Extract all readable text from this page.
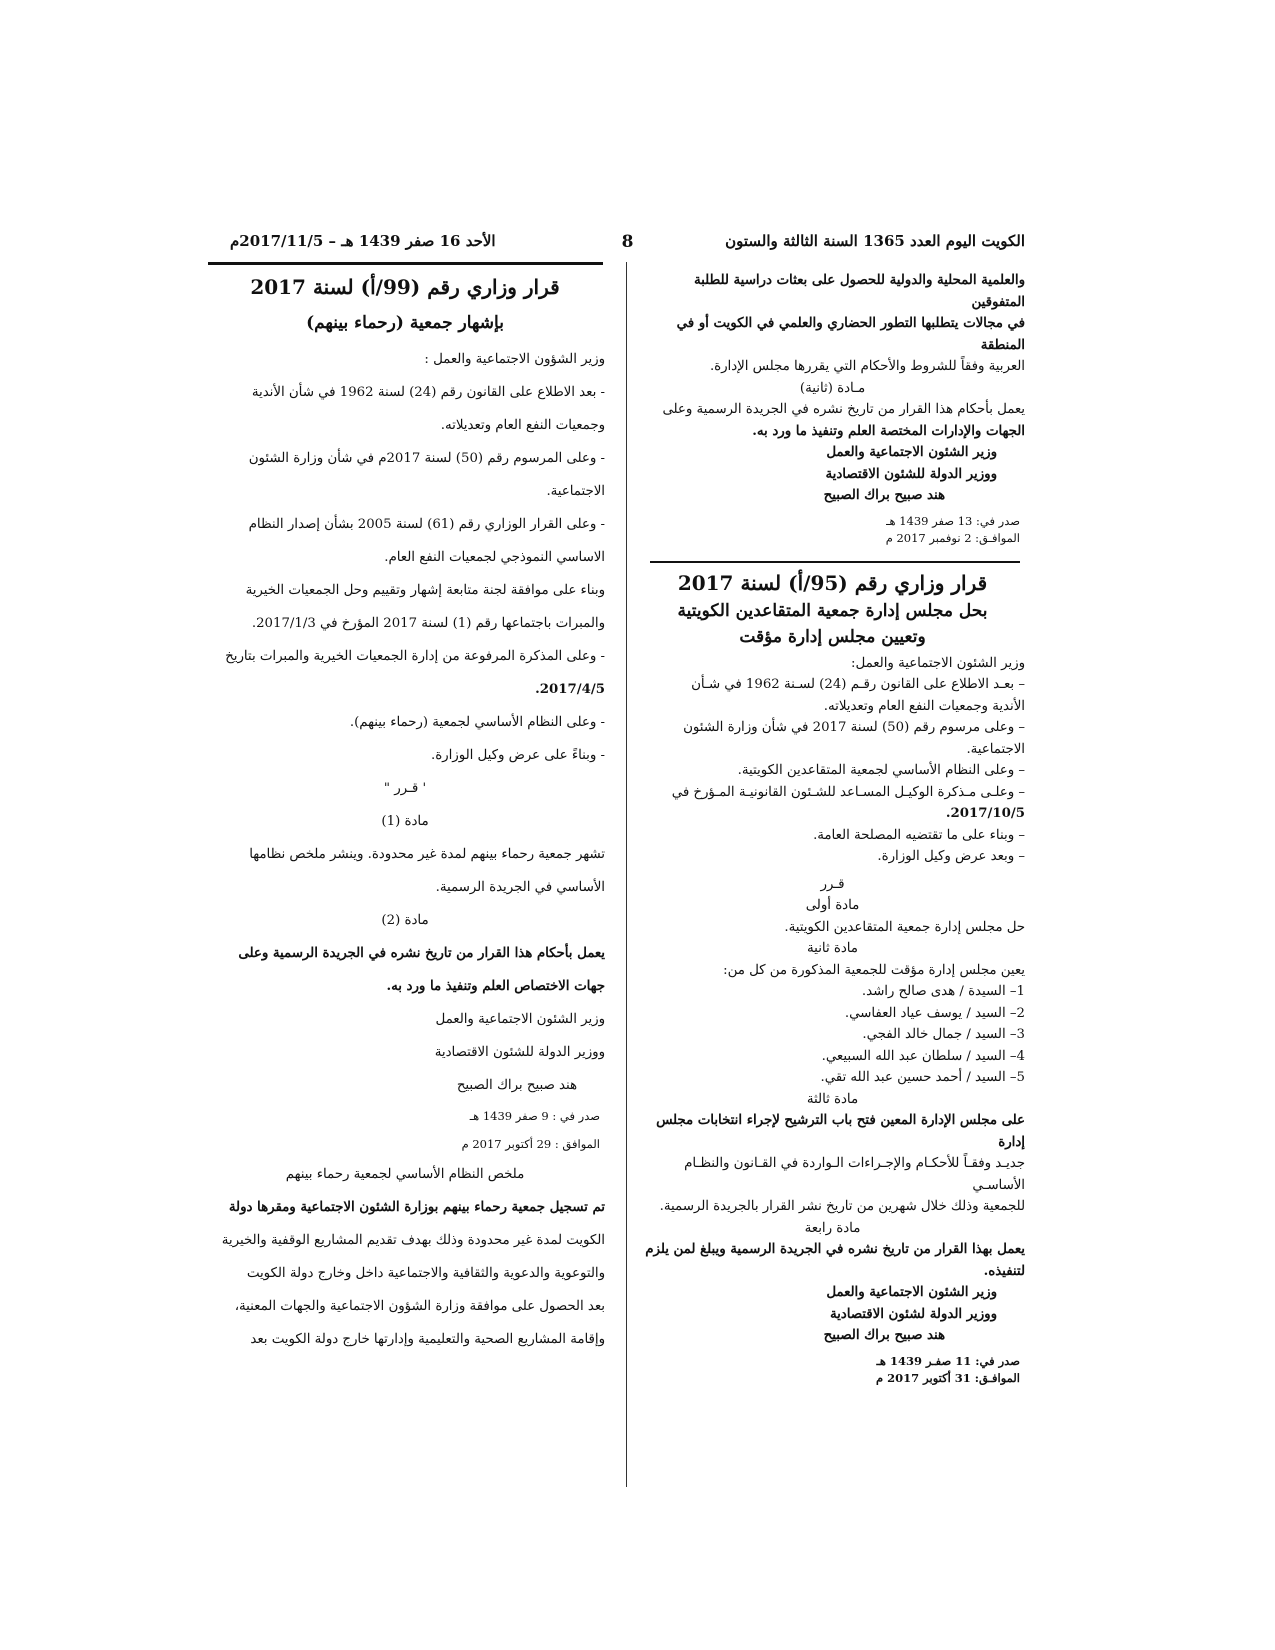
الكويت اليوم العدد 1365 السنة الثالثة والستون
8
الأحد 16 صفر 1439 هـ – 2017/11/5م

والعلمية المحلية والدولية للحصول على بعثات دراسية للطلبة المتفوقين

في مجالات يتطلبها التطور الحضاري والعلمي في الكويت أو في المنطقة

العربية وفقاً للشروط والأحكام التي يقررها مجلس الإدارة.

مـادة (ثانية)

يعمل بأحكام هذا القرار من تاريخ نشره في الجريدة الرسمية وعلى

الجهات والإدارات المختصة العلم وتنفيذ ما ورد به.

وزير الشئون الاجتماعية والعمل

ووزير الدولة للشئون الاقتصادية

هند صبيح براك الصبيح

صدر في: 13 صفر 1439 هـ

الموافـق: 2 نوفمبر 2017 م

قرار وزاري رقم (95/أ) لسنة 2017

بحل مجلس إدارة جمعية المتقاعدين الكويتية

وتعيين مجلس إدارة مؤقت

وزير الشئون الاجتماعية والعمل:

– بعـد الاطلاع على القانون رقـم (24) لسـنة 1962 في شـأن

الأندية وجمعيات النفع العام وتعديلاته.

– وعلى مرسوم رقم (50) لسنة 2017 في شأن وزارة الشئون الاجتماعية.

– وعلى النظام الأساسي لجمعية المتقاعدين الكويتية.

– وعلـى مـذكرة الوكيـل المسـاعد للشـئون القانونيـة المـؤرخ في

2017/10/5.

– وبناء على ما تقتضيه المصلحة العامة.

– وبعد عرض وكيل الوزارة.

قـرر

مادة أولى

حل مجلس إدارة جمعية المتقاعدين الكويتية.

مادة ثانية

يعين مجلس إدارة مؤقت للجمعية المذكورة من كل من:

1– السيدة / هدى صالح راشد.

2– السيد / يوسف عياد العفاسي.

3– السيد / جمال خالد الفجي.

4– السيد / سلطان عبد الله السبيعي.

5– السيد / أحمد حسين عبد الله تقي.

مادة ثالثة

على مجلس الإدارة المعين فتح باب الترشيح لإجراء انتخابات مجلس إدارة

جديـد وفقـاً للأحكـام والإجـراءات الـواردة في القـانون والنظـام الأساسـي

للجمعية وذلك خلال شهرين من تاريخ نشر القرار بالجريدة الرسمية.

مادة رابعة

يعمل بهذا القرار من تاريخ نشره في الجريدة الرسمية ويبلغ لمن يلزم لتنفيذه.

وزير الشئون الاجتماعية والعمل

ووزير الدولة لشئون الاقتصادية

هند صبيح براك الصبيح

صدر في: 11 صفـر 1439 هـ

الموافـق: 31 أكتوبر 2017 م

قرار وزاري رقم (99/أ) لسنة 2017

بإشهار جمعية (رحماء بينهم)

وزير الشؤون الاجتماعية والعمل :

- بعد الاطلاع على القانون رقم (24) لسنة 1962 في شأن الأندية

وجمعيات النفع العام وتعديلاته.

- وعلى المرسوم رقم (50) لسنة 2017م في شأن وزارة الشئون

الاجتماعية.

- وعلى القرار الوزاري رقم (61) لسنة 2005 بشأن إصدار النظام

الاساسي النموذجي لجمعيات النفع العام.

وبناء على موافقة لجنة متابعة إشهار وتقييم وحل الجمعيات الخيرية

والمبرات باجتماعها رقم (1) لسنة 2017 المؤرخ في 2017/1/3.

- وعلى المذكرة المرفوعة من إدارة الجمعيات الخيرية والمبرات بتاريخ

2017/4/5.

- وعلى النظام الأساسي لجمعية (رحماء بينهم).

- وبناءً على عرض وكيل الوزارة.

' قـرر "

مادة (1)

تشهر جمعية رحماء بينهم لمدة غير محدودة. وينشر ملخص نظامها

الأساسي في الجريدة الرسمية.

مادة (2)

يعمل بأحكام هذا القرار من تاريخ نشره في الجريدة الرسمية وعلى

جهات الاختصاص العلم وتنفيذ ما ورد به.

وزير الشئون الاجتماعية والعمل

ووزير الدولة للشئون الاقتصادية

هند صبيح براك الصبيح

صدر في : 9 صفر 1439 هـ

الموافق : 29 أكتوبر 2017 م

ملخص النظام الأساسي لجمعية رحماء بينهم

تم تسجيل جمعية رحماء بينهم بوزارة الشئون الاجتماعية ومقرها دولة

الكويت لمدة غير محدودة وذلك بهدف تقديم المشاريع الوقفية والخيرية

والتوعوية والدعوية والثقافية والاجتماعية داخل وخارج دولة الكويت

بعد الحصول على موافقة وزارة الشؤون الاجتماعية والجهات المعنية،

وإقامة المشاريع الصحية والتعليمية وإدارتها خارج دولة الكويت بعد
